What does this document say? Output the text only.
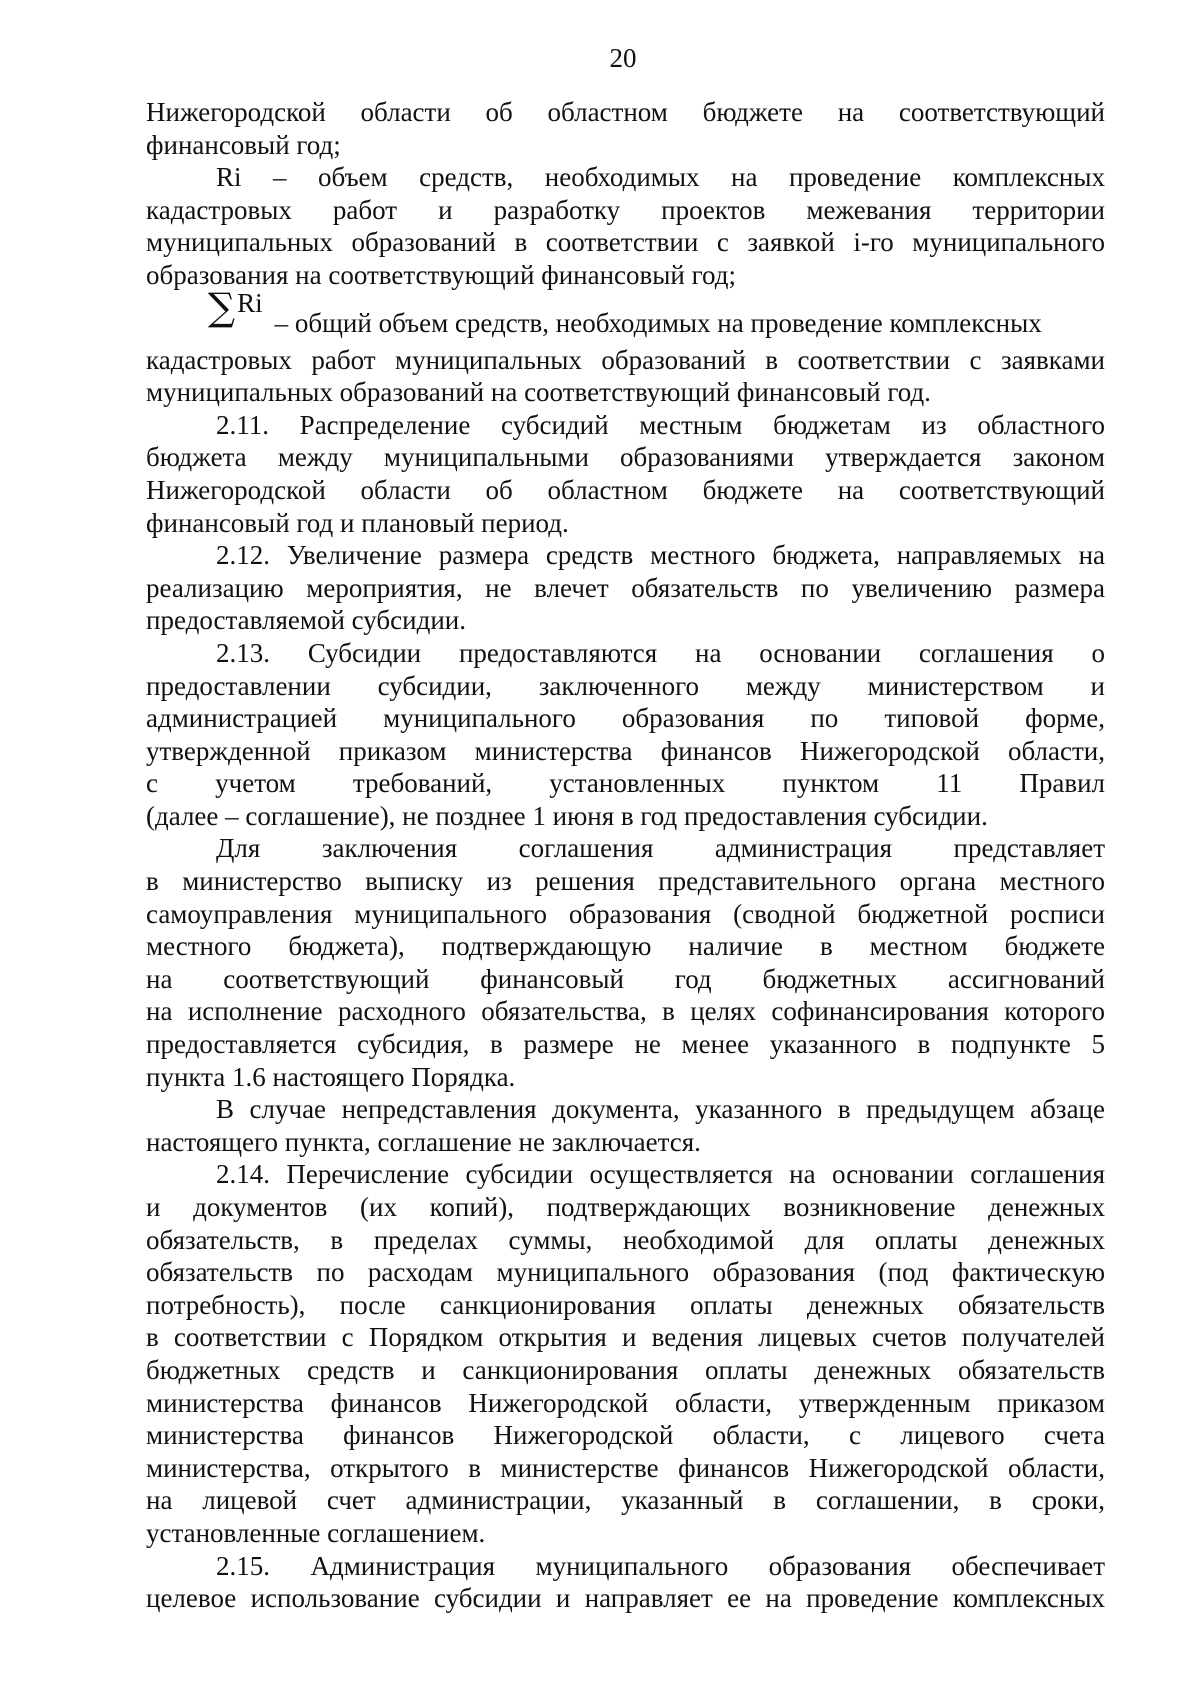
20
Нижегородской области об областном бюджете на соответствующий
финансовый год;
Ri – объем средств, необходимых на проведение комплексных
кадастровых работ и разработку проектов межевания территории
муниципальных образований в соответствии с заявкой i-го муниципального
образования на соответствующий финансовый год;
∑Ri– общий объем средств, необходимых на проведение комплексных
кадастровых работ муниципальных образований в соответствии с заявками
муниципальных образований на соответствующий финансовый год.
2.11. Распределение субсидий местным бюджетам из областного
бюджета между муниципальными образованиями утверждается законом
Нижегородской области об областном бюджете на соответствующий
финансовый год и плановый период.
2.12. Увеличение размера средств местного бюджета, направляемых на
реализацию мероприятия, не влечет обязательств по увеличению размера
предоставляемой субсидии.
2.13. Субсидии предоставляются на основании соглашения о
предоставлении субсидии, заключенного между министерством и
администрацией муниципального образования по типовой форме,
утвержденной приказом министерства финансов Нижегородской области,
с учетом требований, установленных пунктом 11 Правил
(далее – соглашение), не позднее 1 июня в год предоставления субсидии.
Для заключения соглашения администрация представляет
в министерство выписку из решения представительного органа местного
самоуправления муниципального образования (сводной бюджетной росписи
местного бюджета), подтверждающую наличие в местном бюджете
на соответствующий финансовый год бюджетных ассигнований
на исполнение расходного обязательства, в целях софинансирования которого
предоставляется субсидия, в размере не менее указанного в подпункте 5
пункта 1.6 настоящего Порядка.
В случае непредставления документа, указанного в предыдущем абзаце
настоящего пункта, соглашение не заключается.
2.14. Перечисление субсидии осуществляется на основании соглашения
и документов (их копий), подтверждающих возникновение денежных
обязательств, в пределах суммы, необходимой для оплаты денежных
обязательств по расходам муниципального образования (под фактическую
потребность), после санкционирования оплаты денежных обязательств
в соответствии с Порядком открытия и ведения лицевых счетов получателей
бюджетных средств и санкционирования оплаты денежных обязательств
министерства финансов Нижегородской области, утвержденным приказом
министерства финансов Нижегородской области, с лицевого счета
министерства, открытого в министерстве финансов Нижегородской области,
на лицевой счет администрации, указанный в соглашении, в сроки,
установленные соглашением.
2.15. Администрация муниципального образования обеспечивает
целевое использование субсидии и направляет ее на проведение комплексных
